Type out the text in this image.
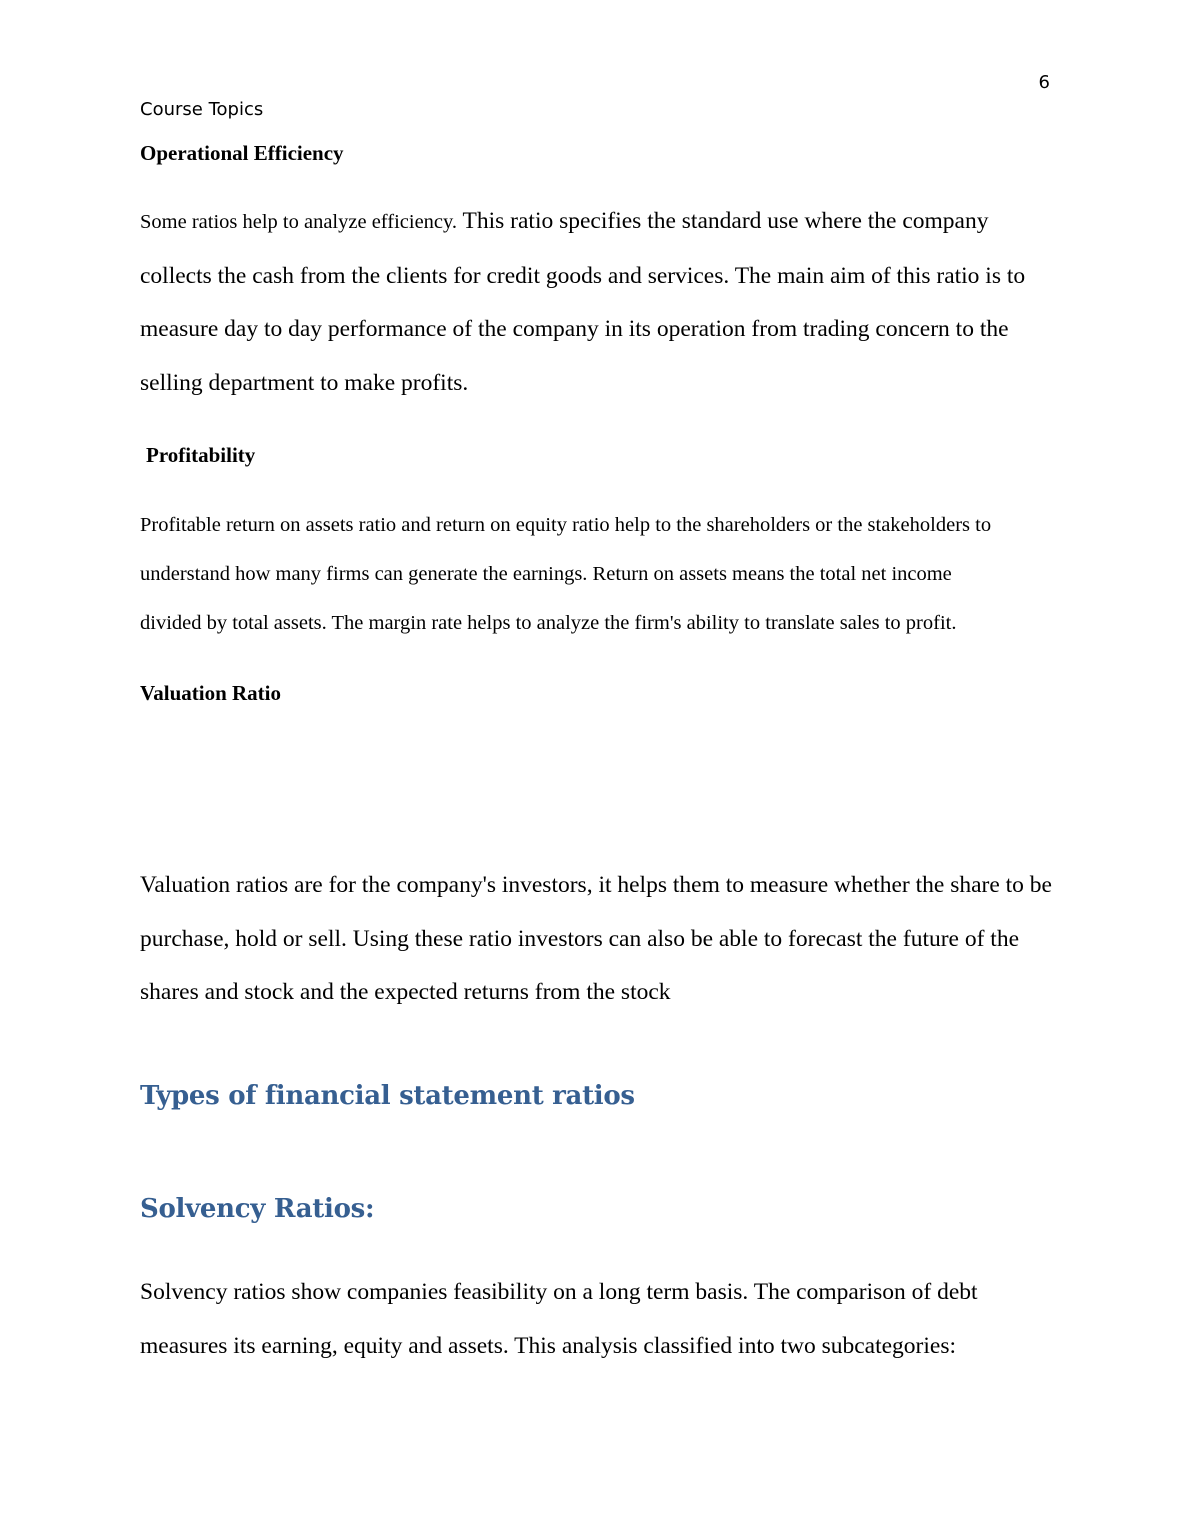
6
Course Topics
Operational Efficiency

Some ratios help to analyze efficiency. This ratio specifies the standard use where the company
collects the cash from the clients for credit goods and services. The main aim of this ratio is to
measure day to day performance of the company in its operation from trading concern to the
selling department to make profits.

Profitability

Profitable return on assets ratio and return on equity ratio help to the shareholders or the stakeholders to
understand how many firms can generate the earnings. Return on assets means the total net income
divided by total assets. The margin rate helps to analyze the firm's ability to translate sales to profit.

Valuation Ratio

Valuation ratios are for the company's investors, it helps them to measure whether the share to be
purchase, hold or sell. Using these ratio investors can also be able to forecast the future of the
shares and stock and the expected returns from the stock

Types of financial statement ratios
Solvency Ratios:

Solvency ratios show companies feasibility on a long term basis. The comparison of debt
measures its earning, equity and assets. This analysis classified into two subcategories:
